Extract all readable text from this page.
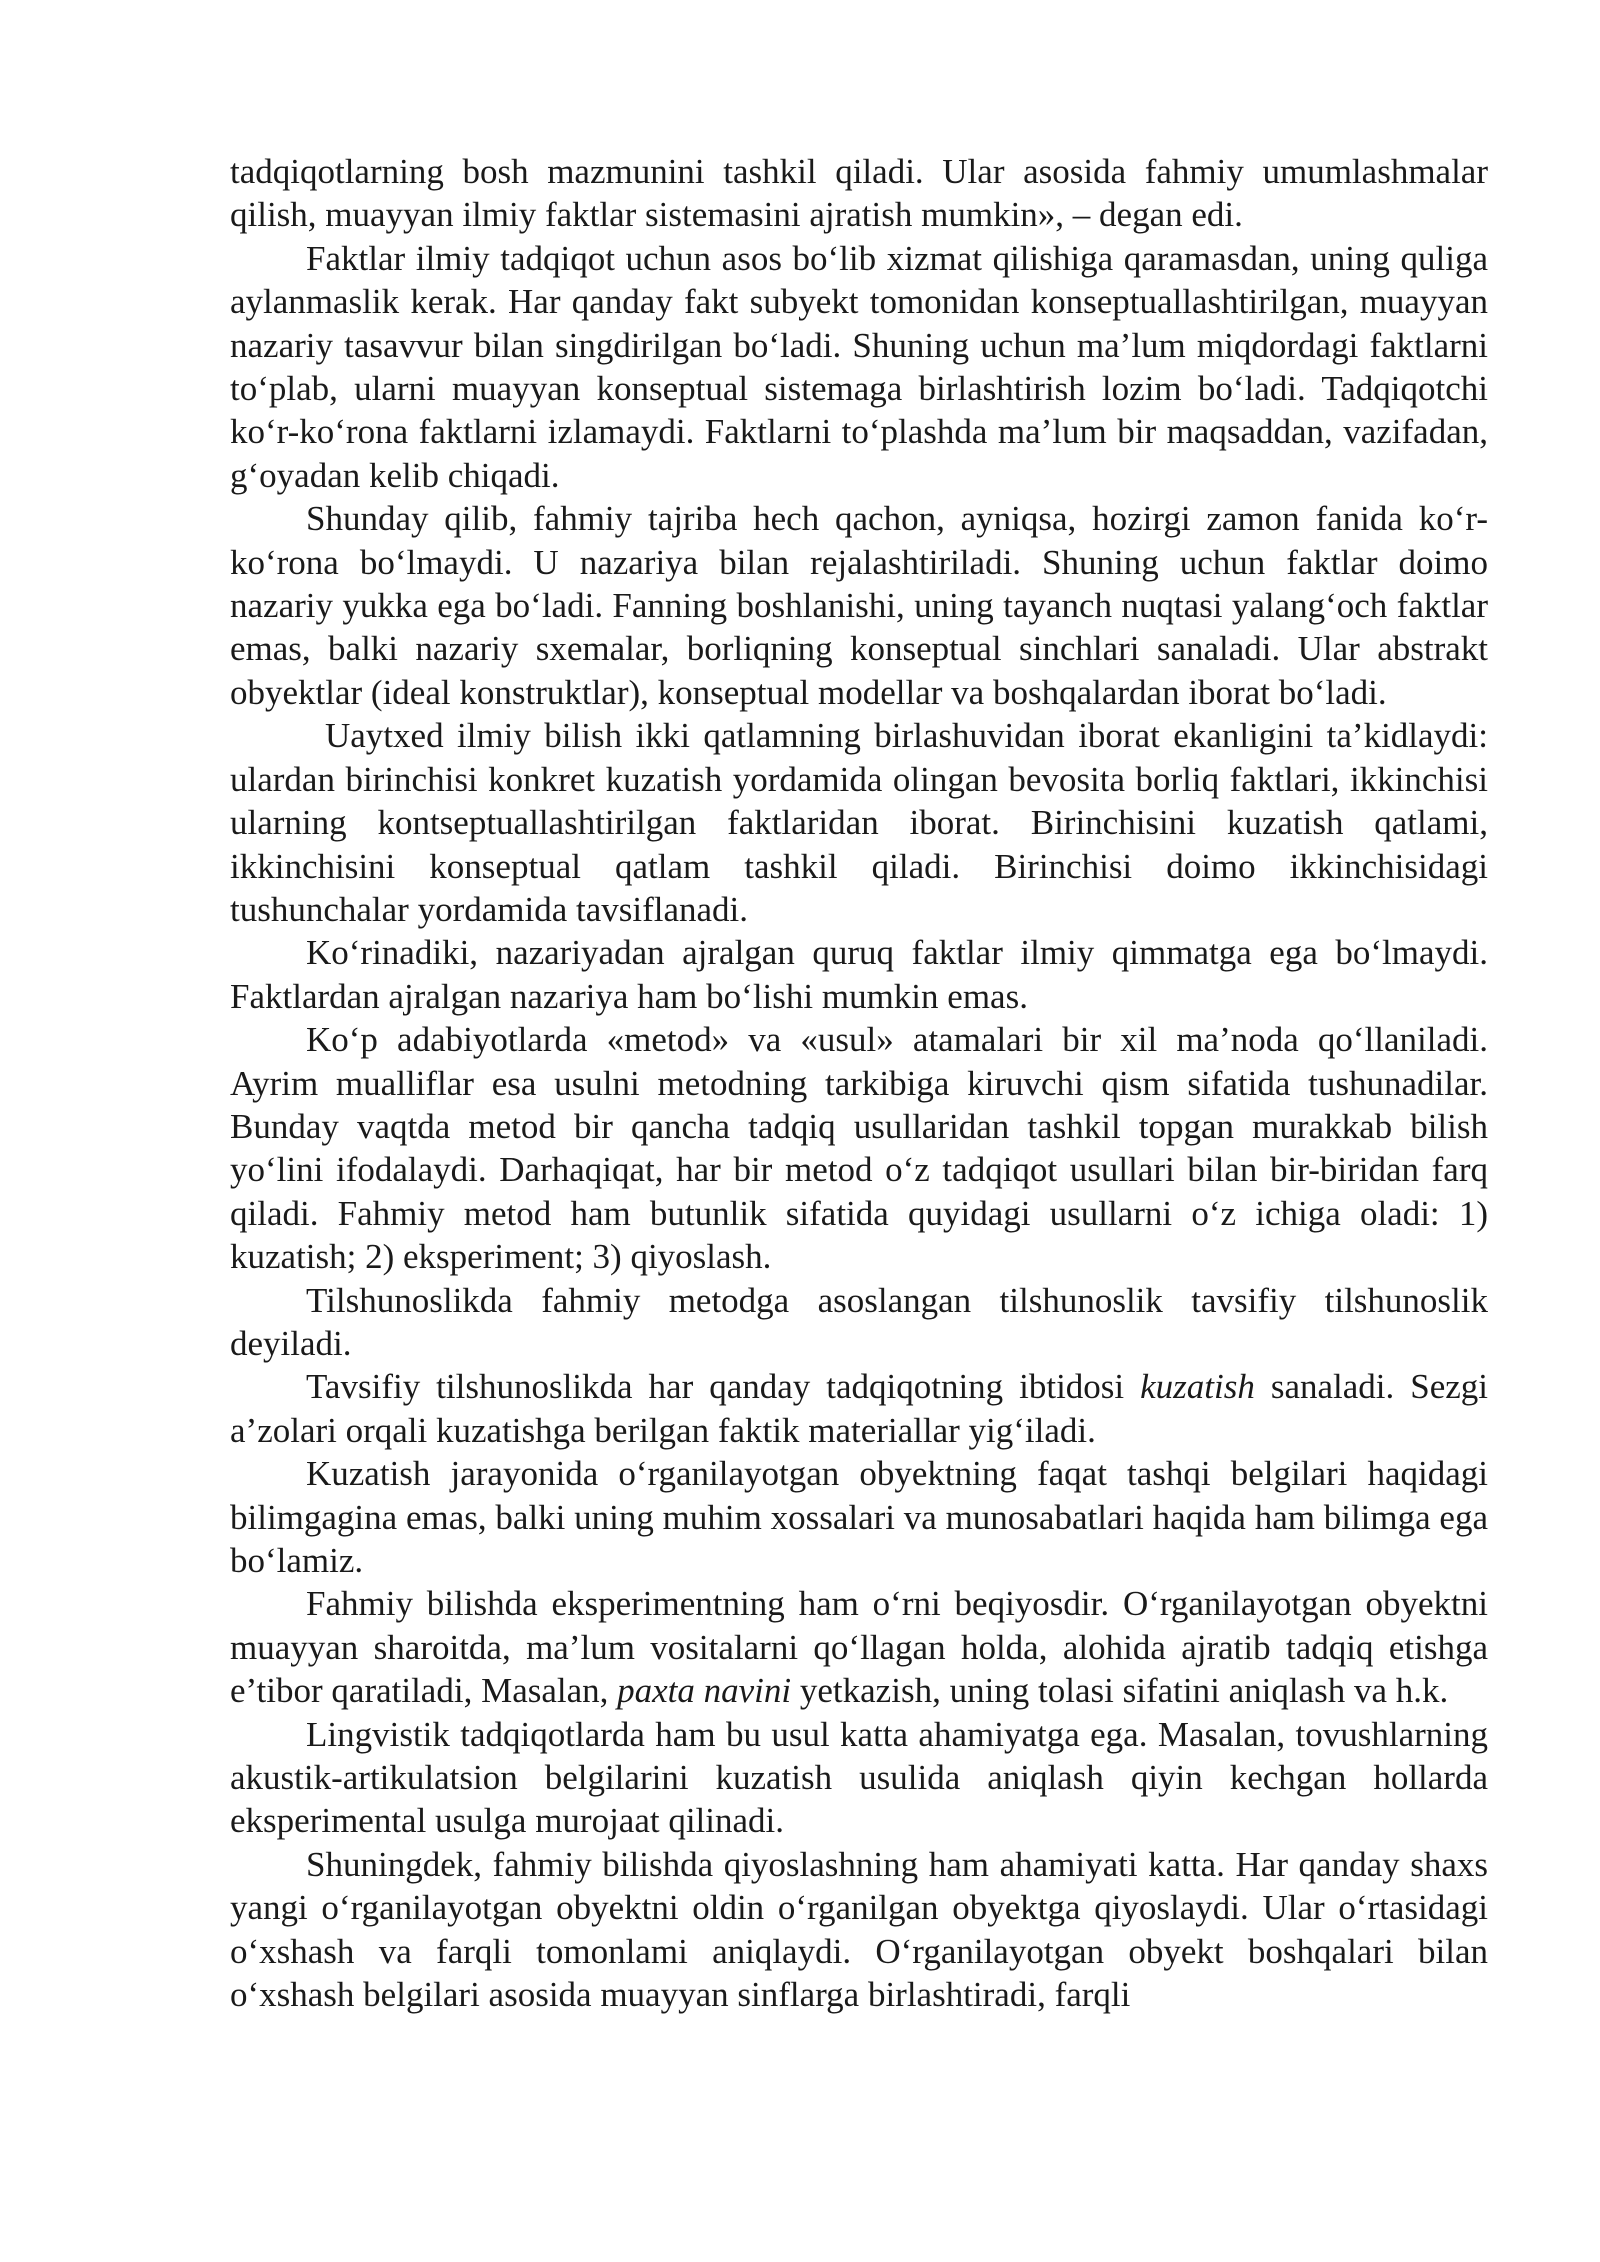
tadqiqotlarning bosh mazmunini tashkil qiladi. Ular asosida fahmiy umumlashmalar qilish, muayyan ilmiy faktlar sistemasini ajratish mumkin», – degan edi.

Faktlar ilmiy tadqiqot uchun asos bo‘lib xizmat qilishiga qaramasdan, uning quliga aylanmaslik kerak. Har qanday fakt subyekt tomonidan konseptuallashtirilgan, muayyan nazariy tasavvur bilan singdirilgan bo‘ladi. Shuning uchun ma’lum miqdordagi faktlarni to‘plab, ularni muayyan konseptual sistemaga birlashtirish lozim bo‘ladi. Tadqiqotchi ko‘r-ko‘rona faktlarni izlamaydi. Faktlarni to‘plashda ma’lum bir maqsaddan, vazifadan, g‘oyadan kelib chiqadi.

Shunday qilib, fahmiy tajriba hech qachon, ayniqsa, hozirgi zamon fanida ko‘r-ko‘rona bo‘lmaydi. U nazariya bilan rejalashtiriladi. Shuning uchun faktlar doimo nazariy yukka ega bo‘ladi. Fanning boshlanishi, uning tayanch nuqtasi yalang‘och faktlar emas, balki nazariy sxemalar, borliqning konseptual sinchlari sanaladi. Ular abstrakt obyektlar (ideal konstruktlar), konseptual modellar va boshqalardan iborat bo‘ladi.

Uaytxed ilmiy bilish ikki qatlamning birlashuvidan iborat ekanligini ta’kidlaydi: ulardan birinchisi konkret kuzatish yordamida olingan bevosita borliq faktlari, ikkinchisi ularning kontseptuallashtirilgan faktlaridan iborat. Birinchisini kuzatish qatlami, ikkinchisini konseptual qatlam tashkil qiladi. Birinchisi doimo ikkinchisidagi tushunchalar yordamida tavsiflanadi.

Ko‘rinadiki, nazariyadan ajralgan quruq faktlar ilmiy qimmatga ega bo‘lmaydi. Faktlardan ajralgan nazariya ham bo‘lishi mumkin emas.

Ko‘p adabiyotlarda «metod» va «usul» atamalari bir xil ma’noda qo‘llaniladi. Ayrim mualliflar esa usulni metodning tarkibiga kiruvchi qism sifatida tushunadilar. Bunday vaqtda metod bir qancha tadqiq usullaridan tashkil topgan murakkab bilish yo‘lini ifodalaydi. Darhaqiqat, har bir metod o‘z tadqiqot usullari bilan bir-biridan farq qiladi. Fahmiy metod ham butunlik sifatida quyidagi usullarni o‘z ichiga oladi: 1) kuzatish; 2) eksperiment; 3) qiyoslash.

Tilshunoslikda fahmiy metodga asoslangan tilshunoslik tavsifiy tilshunoslik deyiladi.

Tavsifiy tilshunoslikda har qanday tadqiqotning ibtidosi kuzatish sanaladi. Sezgi a’zolari orqali kuzatishga berilgan faktik materiallar yig‘iladi.

Kuzatish jarayonida o‘rganilayotgan obyektning faqat tashqi belgilari haqidagi bilimgagina emas, balki uning muhim xossalari va munosabatlari haqida ham bilimga ega bo‘lamiz.

Fahmiy bilishda eksperimentning ham o‘rni beqiyosdir. O‘rganilayotgan obyektni muayyan sharoitda, ma’lum vositalarni qo‘llagan holda, alohida ajratib tadqiq etishga e’tibor qaratiladi, Masalan, paxta navini yetkazish, uning tolasi sifatini aniqlash va h.k.

Lingvistik tadqiqotlarda ham bu usul katta ahamiyatga ega. Masalan, tovushlarning akustik-artikulatsion belgilarini kuzatish usulida aniqlash qiyin kechgan hollarda eksperimental usulga murojaat qilinadi.

Shuningdek, fahmiy bilishda qiyoslashning ham ahamiyati katta. Har qanday shaxs yangi o‘rganilayotgan obyektni oldin o‘rganilgan obyektga qiyoslaydi. Ular o‘rtasidagi o‘xshash va farqli tomonlami aniqlaydi. O‘rganilayotgan obyekt boshqalari bilan o‘xshash belgilari asosida muayyan sinflarga birlashtiradi, farqli
